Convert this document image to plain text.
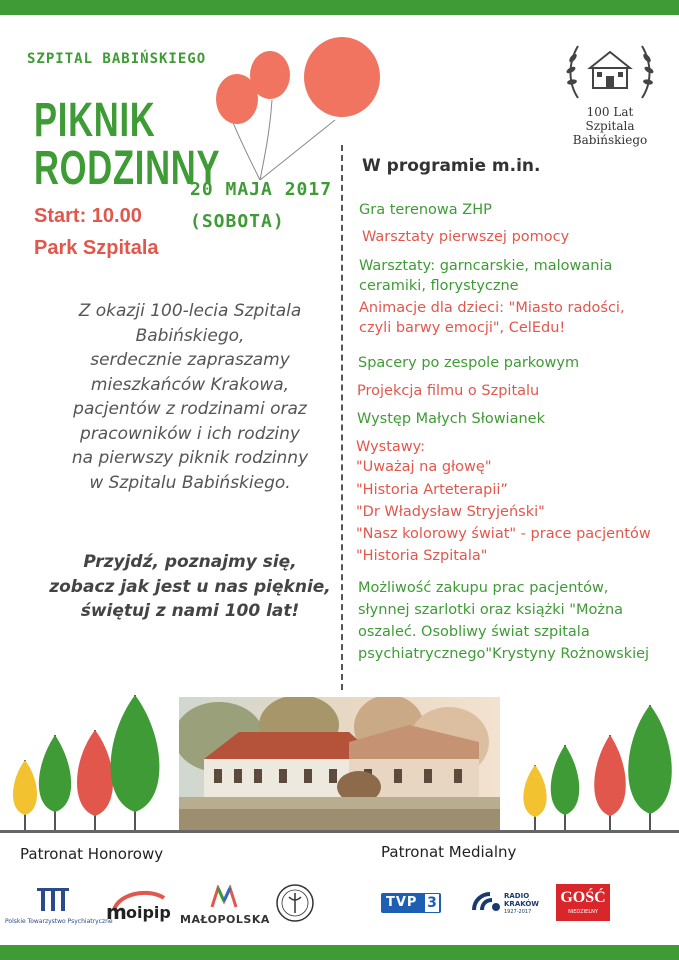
SZPITAL BABIŃSKIEGO
PIKNIK
RODZINNY
20 MAJA 2017
(SOBOTA)
Start: 10.00
Park Szpitala
100 Lat
Szpitala
Babińskiego
Z okazji 100-lecia Szpitala
Babińskiego,
serdecznie zapraszamy
mieszkańców Krakowa,
pacjentów z rodzinami oraz
pracowników i ich rodziny
na pierwszy piknik rodzinny
w Szpitalu Babińskiego.
Przyjdź, poznajmy się,
zobacz jak jest u nas pięknie,
świętuj z nami 100 lat!
W programie m.in.
Gra terenowa ZHP
Warsztaty pierwszej pomocy
Warsztaty: garncarskie, malowania
ceramiki, florystyczne
Animacje dla dzieci: "Miasto radości,
czyli barwy emocji", CelEdu!
Spacery po zespole parkowym
Projekcja filmu o Szpitalu
Występ Małych Słowianek
Wystawy:
"Uważaj na głowę"
"Historia Arteterapii”
"Dr Władysław Stryjeński"
"Nasz kolorowy świat" - prace pacjentów
"Historia Szpitala"
Możliwość zakupu prac pacjentów,
słynnej szarlotki oraz książki "Można
oszaleć. Osobliwy świat szpitala
psychiatrycznego"Krystyny Rożnowskiej
Patronat Honorowy	Patronat Medialny
Polskie Towarzystwo Psychiatryczne
m oipip MAŁOPOLSKA
TVP 3	RADIO
KRAKÓW
1927-2017
GOŚĆ
NIEDZIELNY
